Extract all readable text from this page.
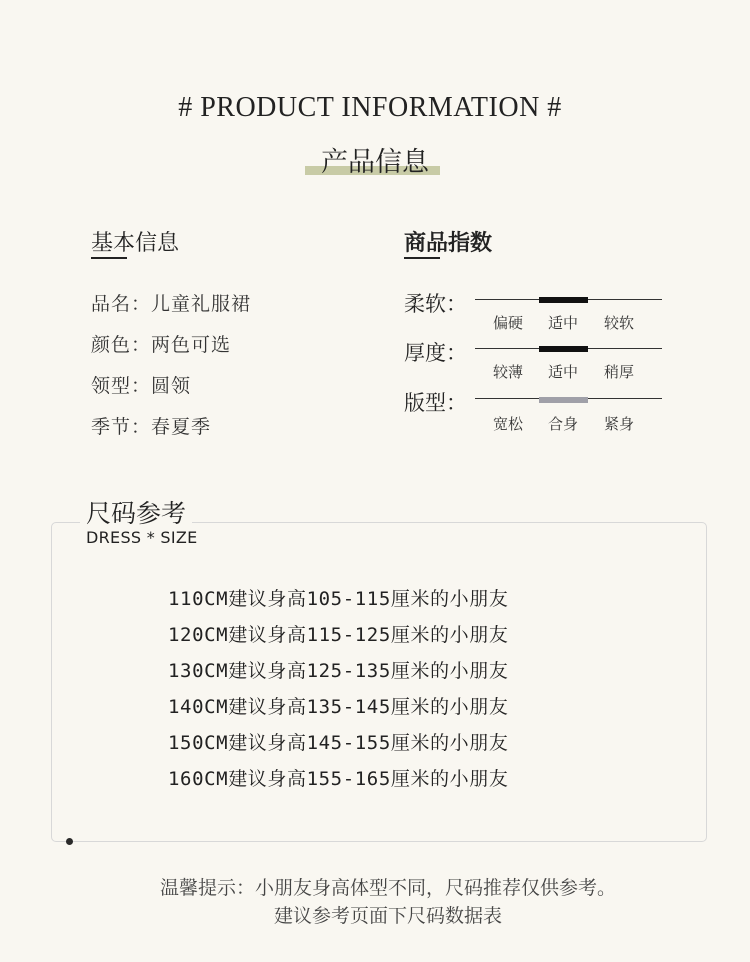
# PRODUCT INFORMATION #
产品信息
基本信息
品名：儿童礼服裙
颜色：两色可选
领型：圆领
季节：春夏季
商品指数
柔软：
偏硬	适中	较软
厚度：
较薄	适中	稍厚
版型：
宽松	合身	紧身
尺码参考
DRESS * SIZE
110CM建议身高105-115厘米的小朋友
120CM建议身高115-125厘米的小朋友
130CM建议身高125-135厘米的小朋友
140CM建议身高135-145厘米的小朋友
150CM建议身高145-155厘米的小朋友
160CM建议身高155-165厘米的小朋友
温馨提示：小朋友身高体型不同，尺码推荐仅供参考。
建议参考页面下尺码数据表
